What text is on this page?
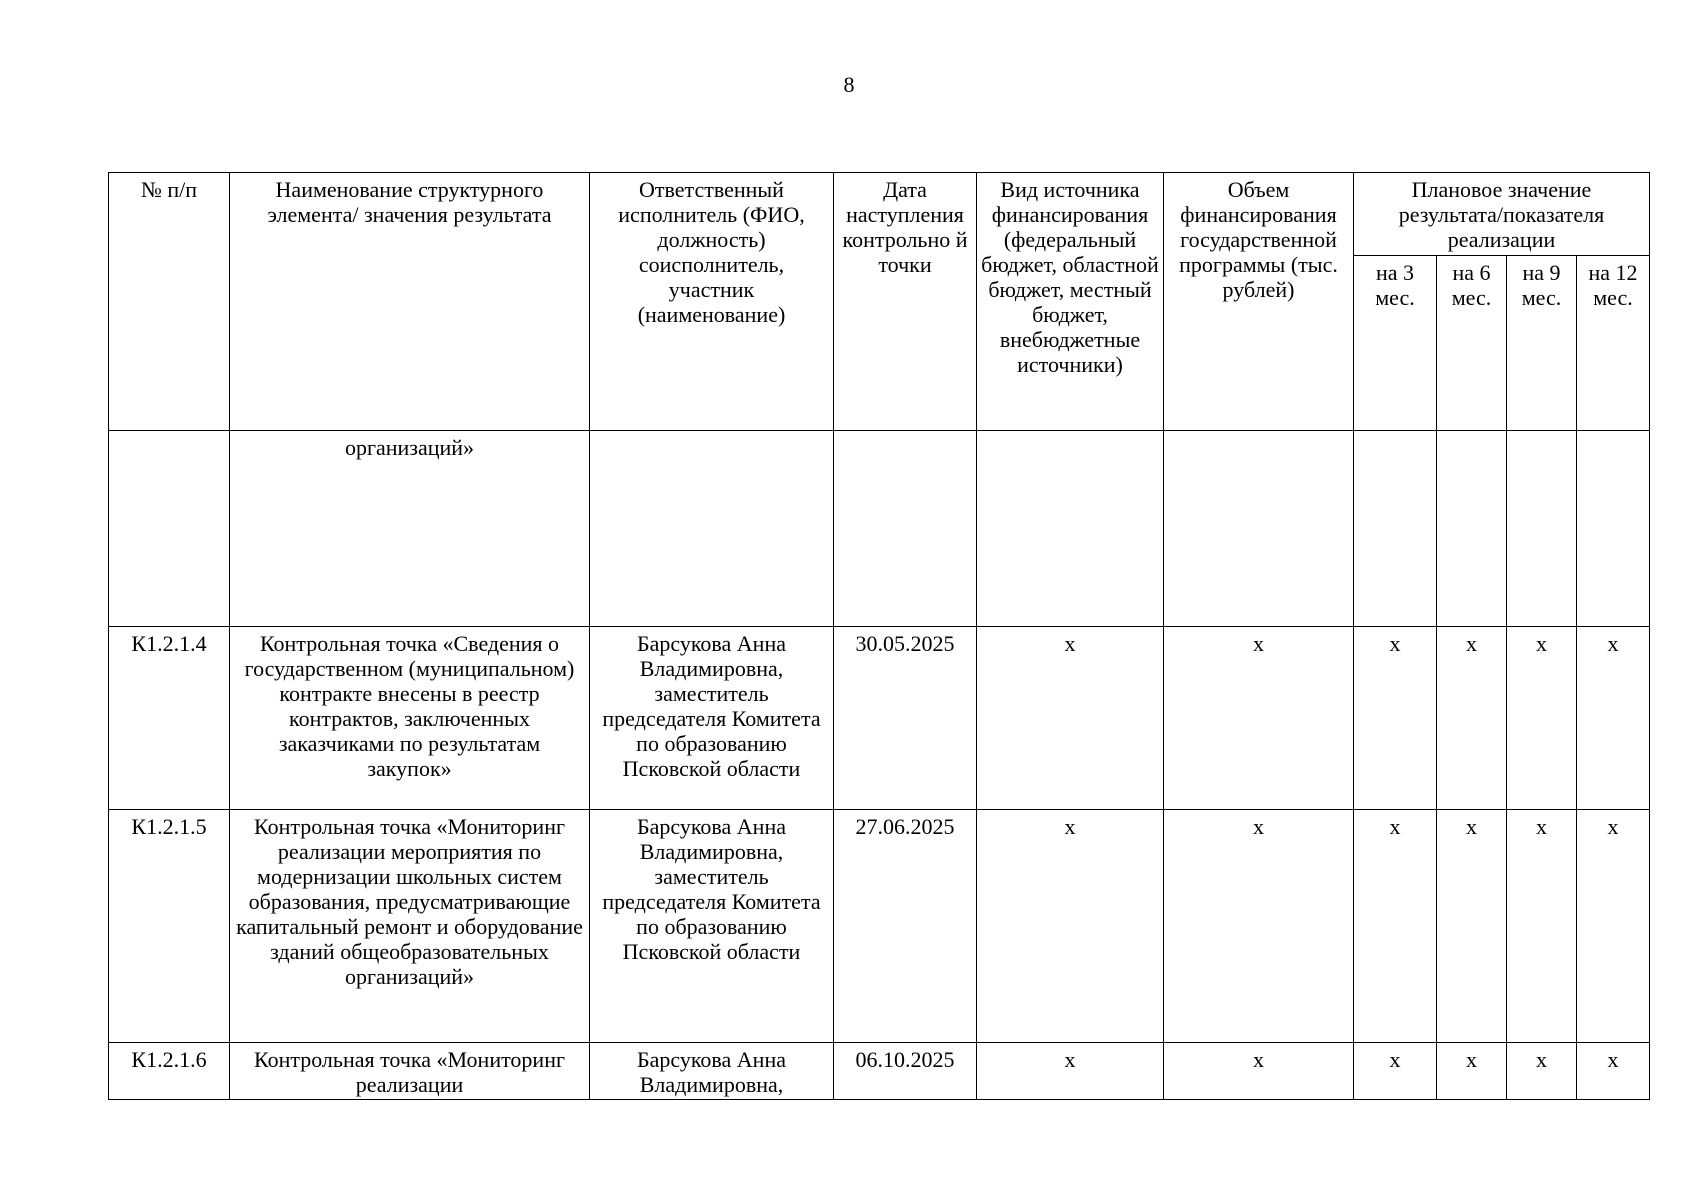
8
№ п/п	Наименование структурного элемента/ значения результата	Ответственный исполнитель (ФИО, должность) соисполнитель, участник (наименование)	Дата наступления контрольно й точки	Вид источника финансирования (федеральный бюджет, областной бюджет, местный бюджет, внебюджетные источники)	Объем финансирования государственной программы (тыс. рублей)	Плановое значение результата/показателя реализации			
						на 3 мес.	на 6 мес.	на 9 мес.	на 12 мес.
	организаций»								
К1.2.1.4	Контрольная точка «Сведения о государственном (муниципальном) контракте внесены в реестр контрактов, заключенных заказчиками по результатам закупок»	Барсукова Анна Владимировна, заместитель председателя Комитета по образованию Псковской области	30.05.2025	х	х	х	х	х	х
К1.2.1.5	Контрольная точка «Мониторинг реализации мероприятия по модернизации школьных систем образования, предусматривающие капитальный ремонт и оборудование зданий общеобразовательных организаций»	Барсукова Анна Владимировна, заместитель председателя Комитета по образованию Псковской области	27.06.2025	х	х	х	х	х	х
К1.2.1.6	Контрольная точка «Мониторинг реализации	Барсукова Анна Владимировна,	06.10.2025	х	х	х	х	х	х
